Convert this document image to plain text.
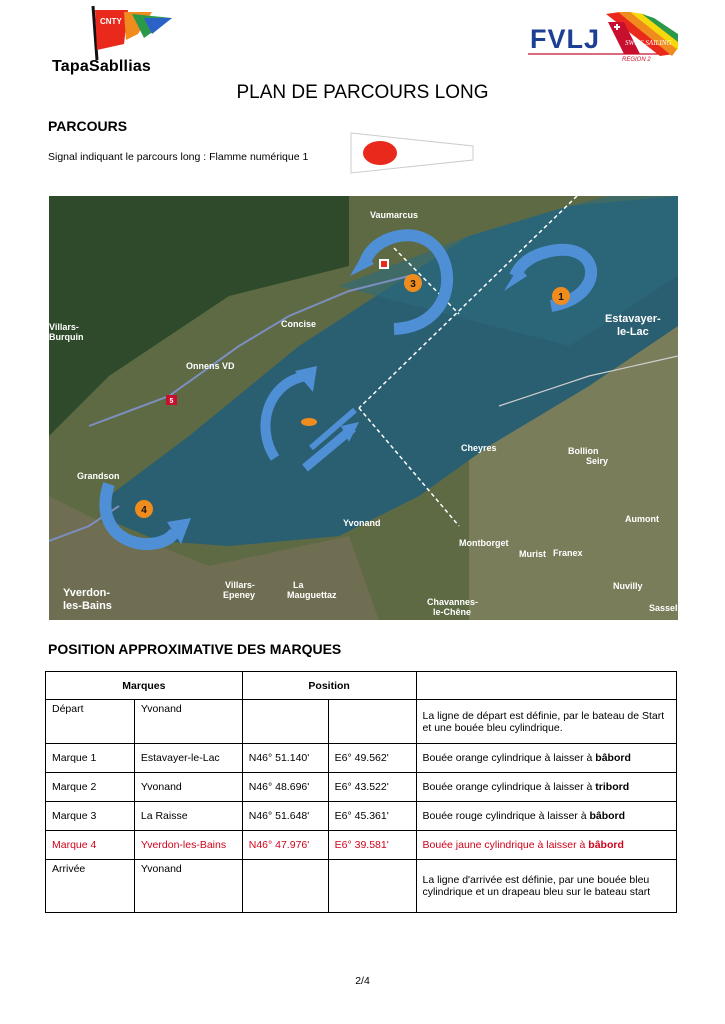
CNTY
TapaSabllias
SWISS SAILING
FVLJ
REGION 2
PLAN DE PARCOURS LONG
PARCOURS
Signal indiquant le parcours long : Flamme numérique 1
1
3
4
5
Vaumarcus
Estavayer-
le-Lac
Concise
Onnens VD
Grandson
Yverdon-
les-Bains
Yvonand
Cheyres	Bollion
Seiry
Montborget
Murist Franex
Aumont
Nuvilly
Villars-
Epeney
La
Mauguettaz
Chavannes-
le-Chêne
Villars-
Burquin
Sassel
POSITION APPROXIMATIVE DES MARQUES
Marques		Position		
Départ	Yvonand			La ligne de départ est définie, par le bateau de Start et une bouée bleu cylindrique.
Marque 1	Estavayer-le-Lac	N46° 51.140'	E6° 49.562'	Bouée orange cylindrique à laisser à bâbord
Marque 2	Yvonand	N46° 48.696'	E6° 43.522'	Bouée orange cylindrique à laisser à tribord
Marque 3	La Raisse	N46° 51.648'	E6° 45.361'	Bouée rouge cylindrique à laisser à bâbord
Marque 4	Yverdon-les-Bains	N46° 47.976'	E6° 39.581'	Bouée jaune cylindrique à laisser à bâbord
Arrivée	Yvonand			La ligne d'arrivée est définie, par une bouée bleu cylindrique et un drapeau bleu sur le bateau start
2/4
